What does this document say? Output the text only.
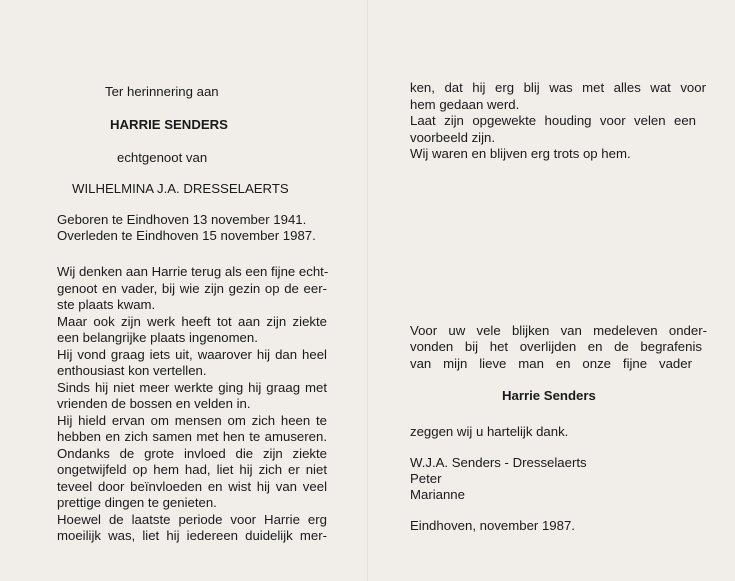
Ter herinnering aan
HARRIE SENDERS
echtgenoot van
WILHELMINA J.A. DRESSELAERTS
Geboren te Eindhoven 13 november 1941.
Overleden te Eindhoven 15 november 1987.
Wij denken aan Harrie terug als een fijne echt-
genoot en vader, bij wie zijn gezin op de eer-
ste plaats kwam.
Maar ook zijn werk heeft tot aan zijn ziekte
een belangrijke plaats ingenomen.
Hij vond graag iets uit, waarover hij dan heel
enthousiast kon vertellen.
Sinds hij niet meer werkte ging hij graag met
vrienden de bossen en velden in.
Hij hield ervan om mensen om zich heen te
hebben en zich samen met hen te amuseren.
Ondanks de grote invloed die zijn ziekte
ongetwijfeld op hem had, liet hij zich er niet
teveel door beïnvloeden en wist hij van veel
prettige dingen te genieten.
Hoewel de laatste periode voor Harrie erg
moeilijk was, liet hij iedereen duidelijk mer-
ken, dat hij erg blij was met alles wat voor
hem gedaan werd.
Laat zijn opgewekte houding voor velen een
voorbeeld zijn.
Wij waren en blijven erg trots op hem.
Voor uw vele blijken van medeleven onder-
vonden bij het overlijden en de begrafenis
van mijn lieve man en onze fijne vader
Harrie Senders
zeggen wij u hartelijk dank.
W.J.A. Senders - Dresselaerts
Peter
Marianne
Eindhoven, november 1987.
